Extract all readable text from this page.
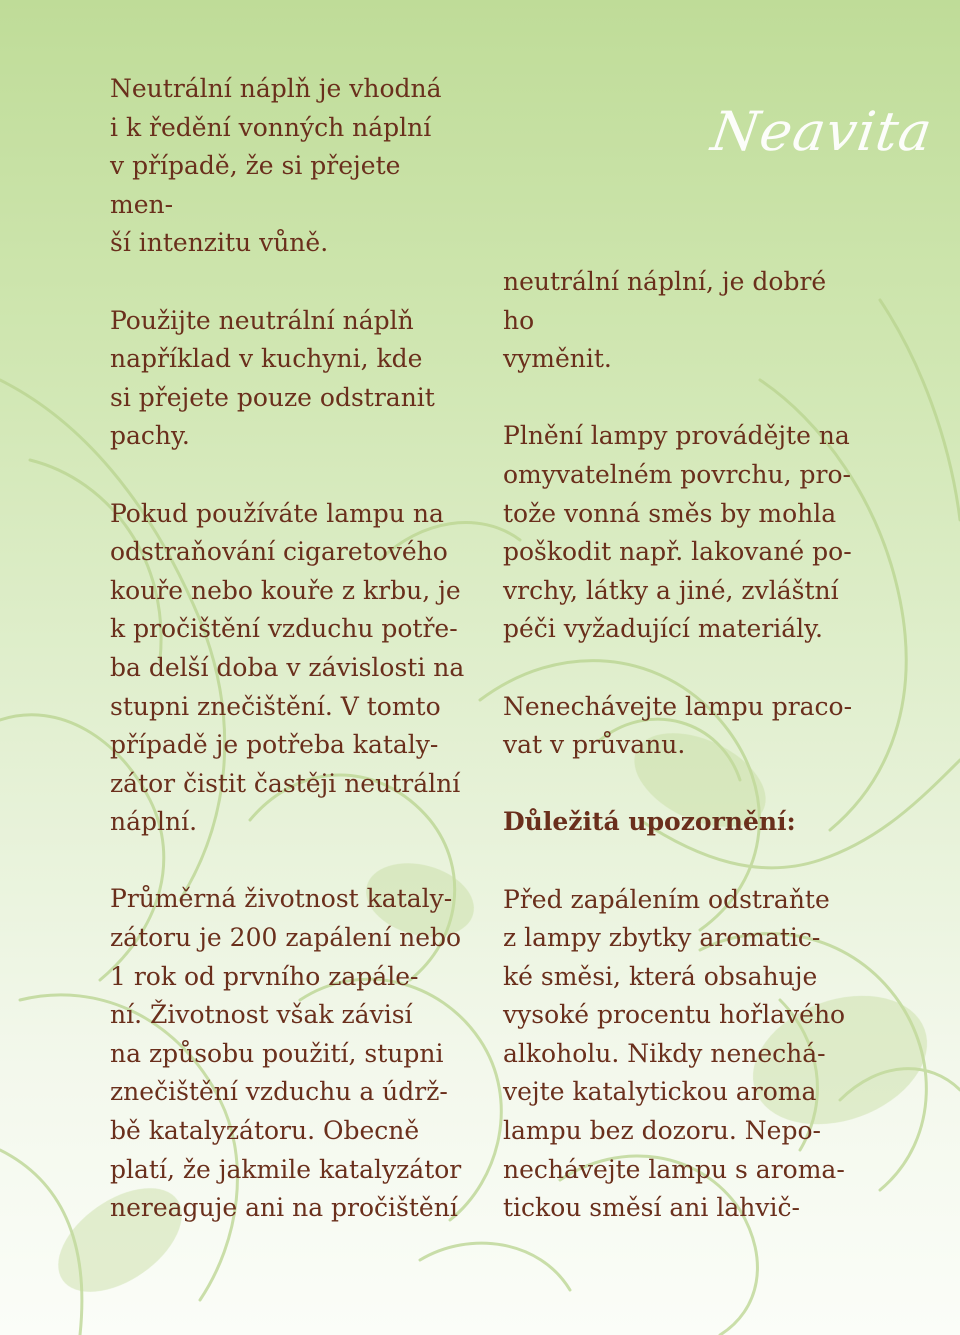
Neavita

Neutrální náplň je vhodná
i k ředění vonných náplní
v případě, že si přejete men-
ší intenzitu vůně.

Použijte neutrální náplň
například v kuchyni, kde
si přejete pouze odstranit
pachy.

Pokud používáte lampu na
odstraňování cigaretového
kouře nebo kouře z krbu, je
k pročištění vzduchu potře-
ba delší doba v závislosti na
stupni znečištění. V tomto
případě je potřeba kataly-
zátor čistit častěji neutrální
náplní.

Průměrná životnost kataly-
zátoru je 200 zapálení nebo
1 rok od prvního zapále-
ní. Životnost však závisí
na způsobu použití, stupni
znečištění vzduchu a údrž-
bě katalyzátoru. Obecně
platí, že jakmile katalyzátor
nereaguje ani na pročištění

neutrální náplní, je dobré ho
vyměnit.

Plnění lampy provádějte na
omyvatelném povrchu, pro-
tože vonná směs by mohla
poškodit např. lakované po-
vrchy, látky a jiné, zvláštní
péči vyžadující materiály.

Nenechávejte lampu praco-
vat v průvanu.

Důležitá upozornění:

Před zapálením odstraňte
z lampy zbytky aromatic-
ké směsi, která obsahuje
vysoké procentu hořlavého
alkoholu. Nikdy nenechá-
vejte katalytickou aroma
lampu bez dozoru. Nepo-
nechávejte lampu s aroma-
tickou směsí ani lahvič-
